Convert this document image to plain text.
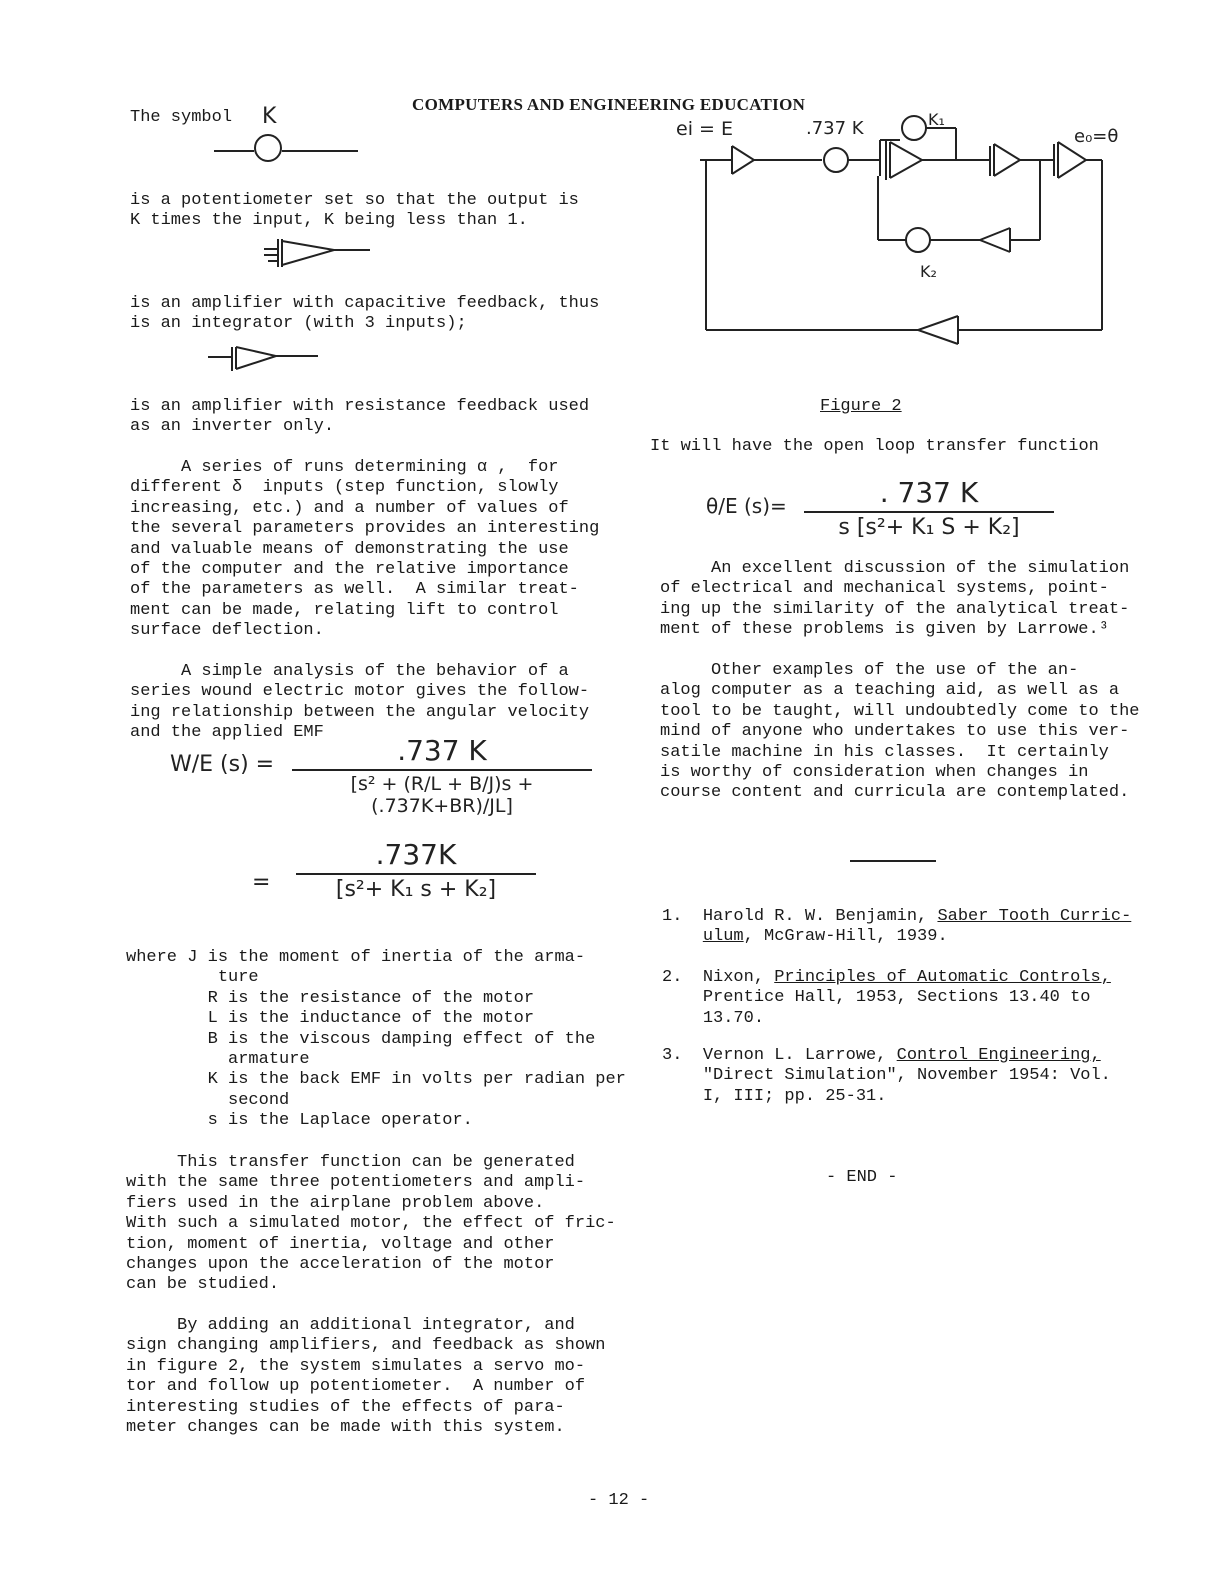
COMPUTERS AND ENGINEERING EDUCATION
The symbol K
is a potentiometer set so that the output is
K times the input, K being less than 1.
is an amplifier with capacitive feedback, thus
is an integrator (with 3 inputs);
is an amplifier with resistance feedback used
as an inverter only.
A series of runs determining α ,  for
different δ  inputs (step function, slowly
increasing, etc.) and a number of values of
the several parameters provides an interesting
and valuable means of demonstrating the use
of the computer and the relative importance
of the parameters as well.  A similar treat-
ment can be made, relating lift to control
surface deflection.
A simple analysis of the behavior of a
series wound electric motor gives the follow-
ing relationship between the angular velocity
and the applied EMF
W/E (s) =	.737 K
[s² + (R/L + B/J)s + (.737K+BR)/JL]
=
.737K
[s²+ K₁ s + K₂]
where J is the moment of inertia of the arma-
ture
R is the resistance of the motor
L is the inductance of the motor
B is the viscous damping effect of the
armature
K is the back EMF in volts per radian per
second
s is the Laplace operator.
This transfer function can be generated
with the same three potentiometers and ampli-
fiers used in the airplane problem above.
With such a simulated motor, the effect of fric-
tion, moment of inertia, voltage and other
changes upon the acceleration of the motor
can be studied.
By adding an additional integrator, and
sign changing amplifiers, and feedback as shown
in figure 2, the system simulates a servo mo-
tor and follow up potentiometer.  A number of
interesting studies of the effects of para-
meter changes can be made with this system.
ei = E	.737 K	K₁
e₀=θ
K₂
Figure 2
It will have the open loop transfer function
θ/E (s)=	. 737 K
s [s²+ K₁ S + K₂]
An excellent discussion of the simulation
of electrical and mechanical systems, point-
ing up the similarity of the analytical treat-
ment of these problems is given by Larrowe.³
Other examples of the use of the an-
alog computer as a teaching aid, as well as a
tool to be taught, will undoubtedly come to the
mind of anyone who undertakes to use this ver-
satile machine in his classes.  It certainly
is worthy of consideration when changes in
course content and curricula are contemplated.
1. Harold R. W. Benjamin, Saber Tooth Curric-
ulum, McGraw-Hill, 1939.
2. Nixon, Principles of Automatic Controls,
Prentice Hall, 1953, Sections 13.40 to
13.70.
3. Vernon L. Larrowe, Control Engineering,
"Direct Simulation", November 1954: Vol.
I, III; pp. 25-31.
- END -
- 12 -
